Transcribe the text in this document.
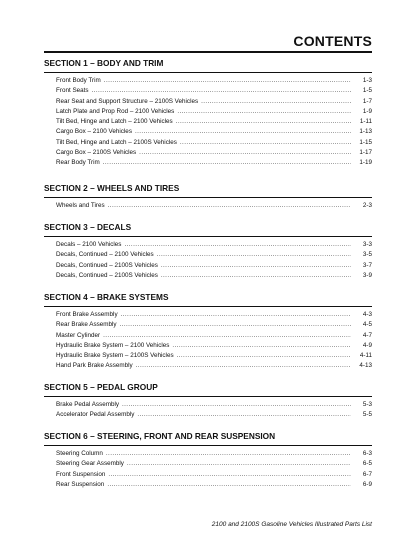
CONTENTS
SECTION 1 – BODY AND TRIM
Front Body Trim .....	1-3
Front Seats .....	1-5
Rear Seat and Support Structure – 2100S Vehicles .....	1-7
Latch Plate and Prop Rod – 2100 Vehicles .....	1-9
Tilt Bed, Hinge and Latch – 2100 Vehicles .....	1-11
Cargo Box – 2100 Vehicles .....	1-13
Tilt Bed, Hinge and Latch – 2100S Vehicles .....	1-15
Cargo Box – 2100S Vehicles .....	1-17
Rear Body Trim .....	1-19
SECTION 2 – WHEELS AND TIRES
Wheels and Tires .....	2-3
SECTION 3 – DECALS
Decals – 2100 Vehicles .....	3-3
Decals, Continued – 2100 Vehicles .....	3-5
Decals, Continued – 2100S Vehicles .....	3-7
Decals, Continued – 2100S Vehicles .....	3-9
SECTION 4 – BRAKE SYSTEMS
Front Brake Assembly .....	4-3
Rear Brake Assembly .....	4-5
Master Cylinder .....	4-7
Hydraulic Brake System – 2100 Vehicles .....	4-9
Hydraulic Brake System – 2100S Vehicles .....	4-11
Hand Park Brake Assembly .....	4-13
SECTION 5 – PEDAL GROUP
Brake Pedal Assembly .....	5-3
Accelerator Pedal Assembly .....	5-5
SECTION 6 – STEERING, FRONT AND REAR SUSPENSION
Steering Column .....	6-3
Steering Gear Assembly .....	6-5
Front Suspension .....	6-7
Rear Suspension .....	6-9
2100 and 2100S Gasoline Vehicles Illustrated Parts List
